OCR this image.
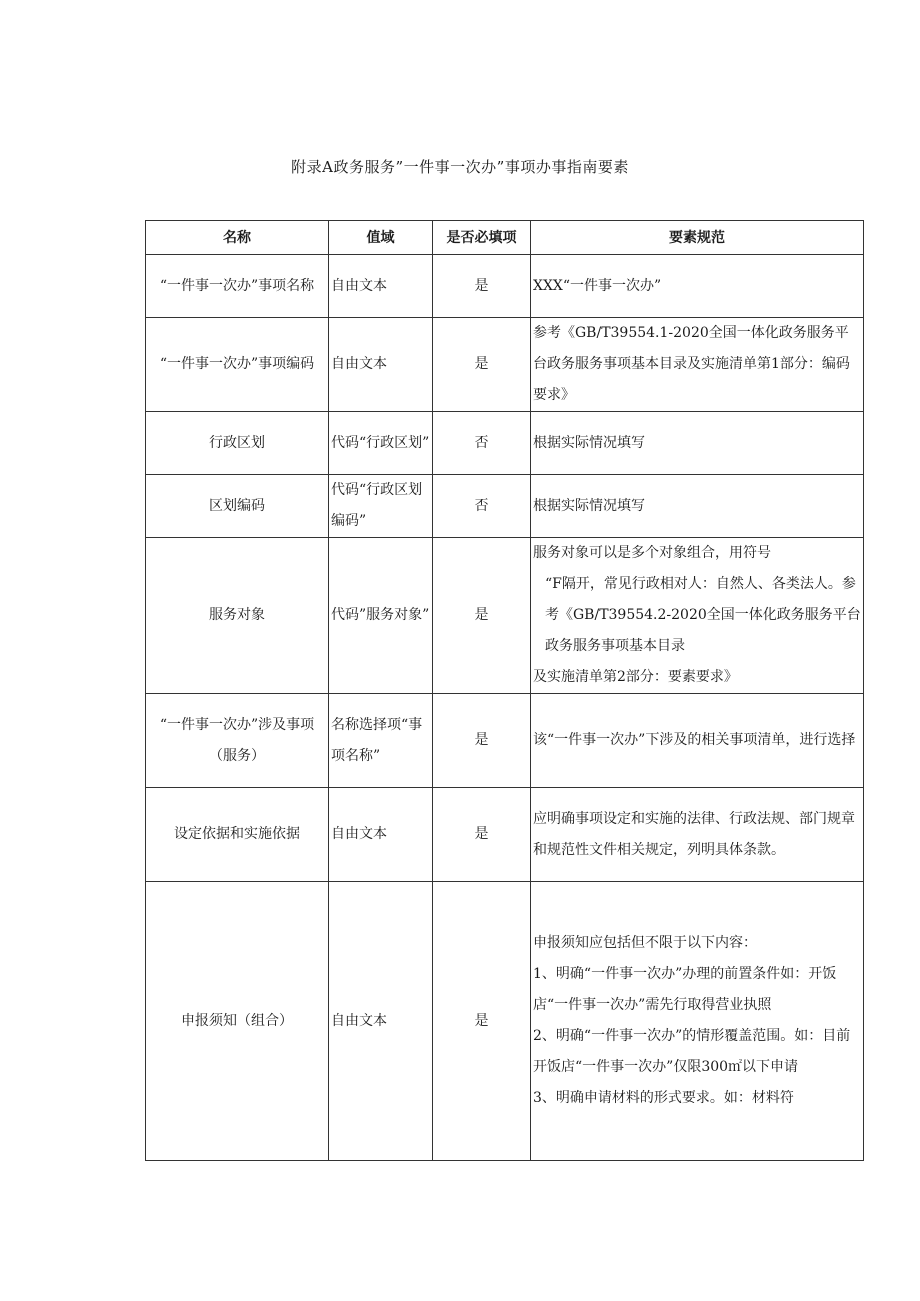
附录A政务服务”一件事一次办”事项办事指南要素
名称	值域	是否必填项	要素规范
“一件事一次办”事项名称	自由文本	是	XXX“一件事一次办”
“一件事一次办”事项编码	自由文本	是	参考《GB/T39554.1-2020全国一体化政务服务平台政务服务事项基本目录及实施清单第1部分：编码要求》
行政区划	代码“行政区划”	否	根据实际情况填写
区划编码	代码“行政区划编码”	否	根据实际情况填写
服务对象	代码”服务对象”	是	服务对象可以是多个对象组合，用符号
“F隔开，常见行政相对人：自然人、各类法人。参考《GB/T39554.2-2020全国一体化政务服务平台政务服务事项基本目录
及实施清单第2部分：要素要求》

“一件事一次办”涉及事项（服务）	名称选择项“事项名称”	是	该“一件事一次办”下涉及的相关事项清单，进行选择
设定依据和实施依据	自由文本	是	应明确事项设定和实施的法律、行政法规、部门规章和规范性文件相关规定，列明具体条款。
申报须知（组合）	自由文本	是	申报须知应包括但不限于以下内容：
1、明确“一件事一次办”办理的前置条件如：开饭店“一件事一次办”需先行取得营业执照
2、明确“一件事一次办”的情形覆盖范围。如：目前开饭店“一件事一次办”仅限300㎡以下申请
3、明确申请材料的形式要求。如：材料符
